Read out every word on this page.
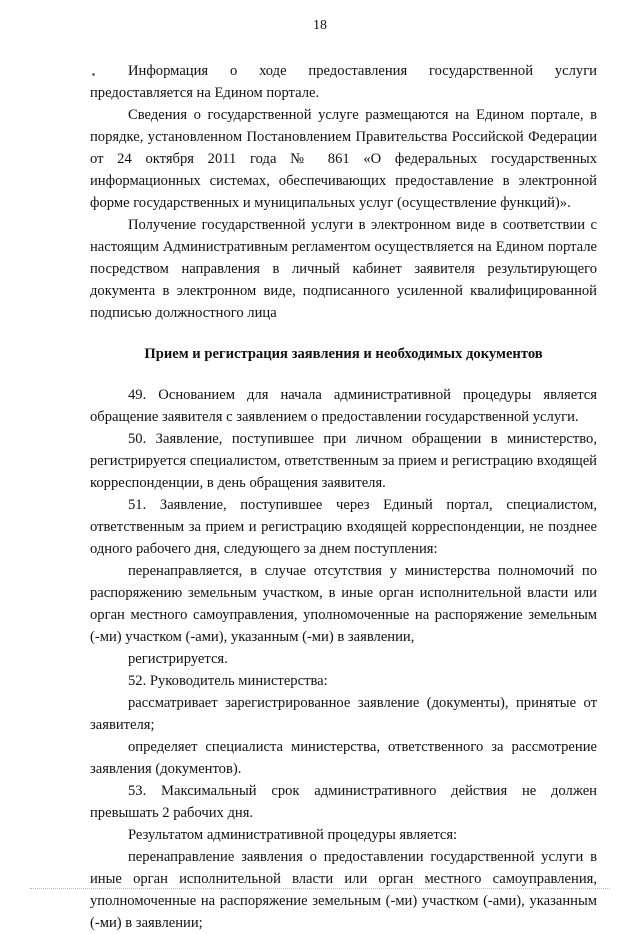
18

Информация о ходе предоставления государственной услуги предоставляется на Едином портале.

Сведения о государственной услуге размещаются на Едином портале, в порядке, установленном Постановлением Правительства Российской Федерации от 24 октября 2011 года № 861 «О федеральных государственных информационных системах, обеспечивающих предоставление в электронной форме государственных и муниципальных услуг (осуществление функций)».

Получение государственной услуги в электронном виде в соответствии с настоящим Административным регламентом осуществляется на Едином портале посредством направления в личный кабинет заявителя результирующего документа в электронном виде, подписанного усиленной квалифицированной подписью должностного лица

Прием и регистрация заявления и необходимых документов

49. Основанием для начала административной процедуры является обращение заявителя с заявлением о предоставлении государственной услуги.

50. Заявление, поступившее при личном обращении в министерство, регистрируется специалистом, ответственным за прием и регистрацию входящей корреспонденции, в день обращения заявителя.

51. Заявление, поступившее через Единый портал, специалистом, ответственным за прием и регистрацию входящей корреспонденции, не позднее одного рабочего дня, следующего за днем поступления:

перенаправляется, в случае отсутствия у министерства полномочий по распоряжению земельным участком, в иные орган исполнительной власти или орган местного самоуправления, уполномоченные на распоряжение земельным (-ми) участком (-ами), указанным (-ми) в заявлении,

регистрируется.

52. Руководитель министерства:

рассматривает зарегистрированное заявление (документы), принятые от заявителя;

определяет специалиста министерства, ответственного за рассмотрение заявления (документов).

53. Максимальный срок административного действия не должен превышать 2 рабочих дня.

Результатом административной процедуры является:

перенаправление заявления о предоставлении государственной услуги в иные орган исполнительной власти или орган местного самоуправления, уполномоченные на распоряжение земельным (-ми) участком (-ами), указанным (-ми) в заявлении;
